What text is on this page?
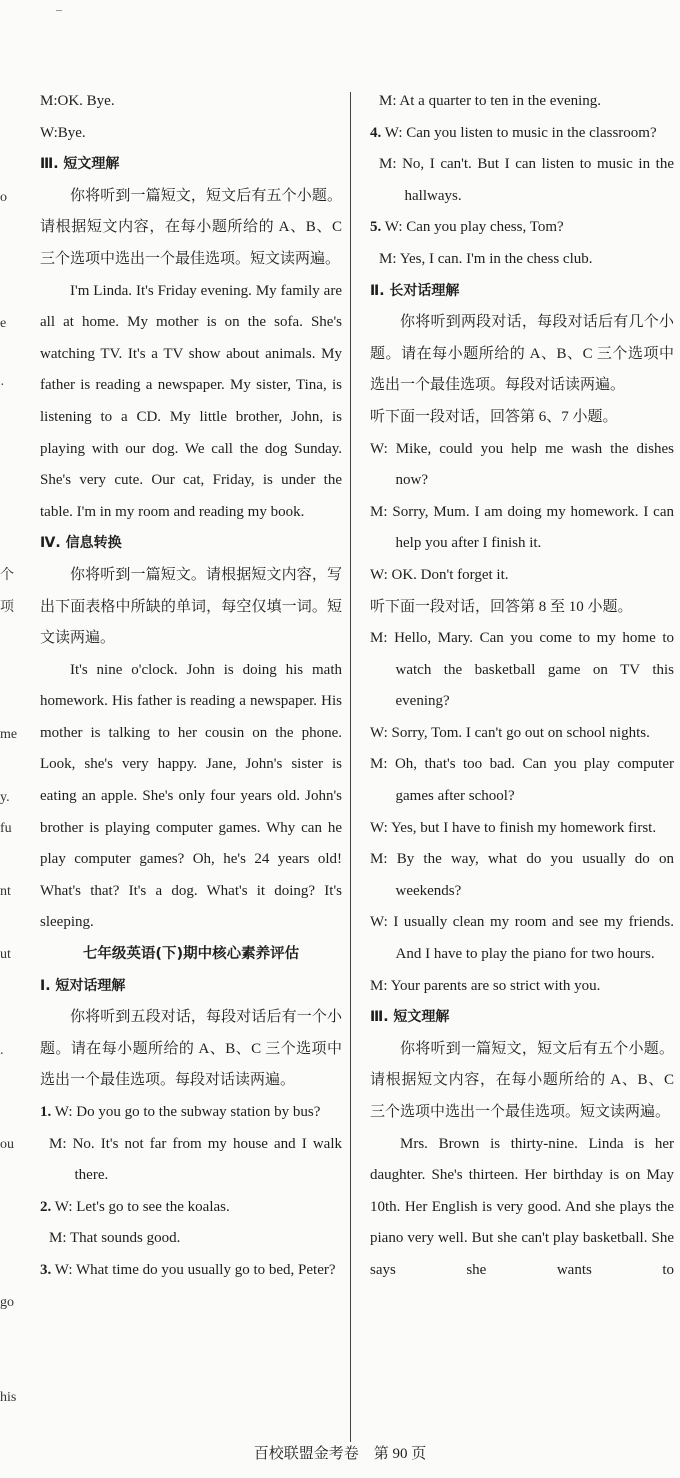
–
o
e
·
个
项
me
y.
fu
nt
ut
.
ou
go
his

M:OK. Bye.

W:Bye.

Ⅲ. 短文理解

你将听到一篇短文，短文后有五个小题。请根据短文内容，在每小题所给的 A、B、C 三个选项中选出一个最佳选项。短文读两遍。

I'm Linda. It's Friday evening. My family are all at home. My mother is on the sofa. She's watching TV. It's a TV show about animals. My father is reading a newspaper. My sister, Tina, is listening to a CD. My little brother, John, is playing with our dog. We call the dog Sunday. She's very cute. Our cat, Friday, is under the table. I'm in my room and reading my book.

Ⅳ. 信息转换

你将听到一篇短文。请根据短文内容，写出下面表格中所缺的单词，每空仅填一词。短文读两遍。

It's nine o'clock. John is doing his math homework. His father is reading a newspaper. His mother is talking to her cousin on the phone. Look, she's very happy. Jane, John's sister is eating an apple. She's only four years old. John's brother is playing computer games. Why can he play computer games? Oh, he's 24 years old! What's that? It's a dog. What's it doing? It's sleeping.

七年级英语(下)期中核心素养评估

Ⅰ. 短对话理解

你将听到五段对话，每段对话后有一个小题。请在每小题所给的 A、B、C 三个选项中选出一个最佳选项。每段对话读两遍。

1. W: Do you go to the subway station by bus?

M: No. It's not far from my house and I walk there.

2. W: Let's go to see the koalas.

M: That sounds good.

3. W: What time do you usually go to bed, Peter?

M: At a quarter to ten in the evening.

4. W: Can you listen to music in the classroom?

M: No, I can't. But I can listen to music in the hallways.

5. W: Can you play chess, Tom?

M: Yes, I can. I'm in the chess club.

Ⅱ. 长对话理解

你将听到两段对话，每段对话后有几个小题。请在每小题所给的 A、B、C 三个选项中选出一个最佳选项。每段对话读两遍。

听下面一段对话，回答第 6、7 小题。

W: Mike, could you help me wash the dishes now?

M: Sorry, Mum. I am doing my homework. I can help you after I finish it.

W: OK. Don't forget it.

听下面一段对话，回答第 8 至 10 小题。

M: Hello, Mary. Can you come to my home to watch the basketball game on TV this evening?

W: Sorry, Tom. I can't go out on school nights.

M: Oh, that's too bad. Can you play computer games after school?

W: Yes, but I have to finish my homework first.

M: By the way, what do you usually do on weekends?

W: I usually clean my room and see my friends. And I have to play the piano for two hours.

M: Your parents are so strict with you.

Ⅲ. 短文理解

你将听到一篇短文，短文后有五个小题。请根据短文内容，在每小题所给的 A、B、C 三个选项中选出一个最佳选项。短文读两遍。

Mrs. Brown is thirty-nine. Linda is her daughter. She's thirteen. Her birthday is on May 10th. Her English is very good. And she plays the piano very well. But she can't play basketball. She says she wants to

百校联盟金考卷　第 90 页
